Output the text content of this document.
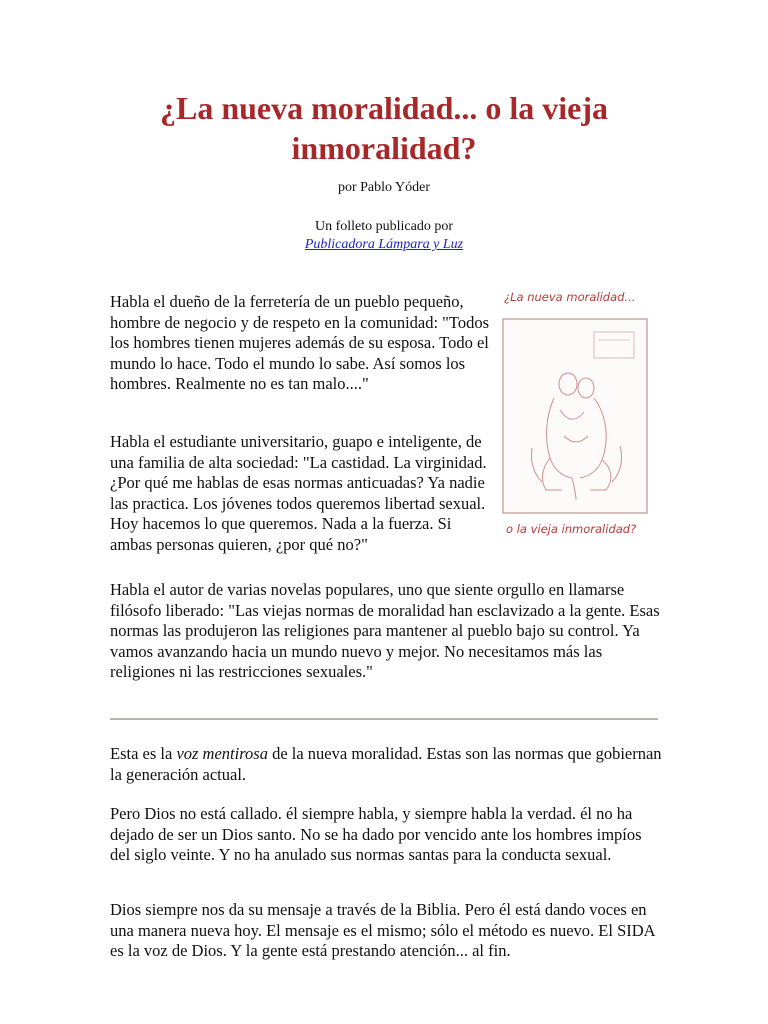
¿La nueva moralidad... o la vieja inmoralidad?

por Pablo Yóder

Un folleto publicado por
Publicadora Lámpara y Luz

Habla el dueño de la ferretería de un pueblo pequeño, hombre de negocio y de respeto en la comunidad: "Todos los hombres tienen mujeres además de su esposa. Todo el mundo lo hace. Todo el mundo lo sabe. Así somos los hombres. Realmente no es tan malo...."

Habla el estudiante universitario, guapo e inteligente, de una familia de alta sociedad: "La castidad. La virginidad. ¿Por qué me hablas de esas normas anticuadas? Ya nadie las practica. Los jóvenes todos queremos libertad sexual. Hoy hacemos lo que queremos. Nada a la fuerza. Si ambas personas quieren, ¿por qué no?"

¿La nueva moralidad...
o la vieja inmoralidad?

Habla el autor de varias novelas populares, uno que siente orgullo en llamarse filósofo liberado: "Las viejas normas de moralidad han esclavizado a la gente. Esas normas las produjeron las religiones para mantener al pueblo bajo su control. Ya vamos avanzando hacia un mundo nuevo y mejor. No necesitamos más las religiones ni las restricciones sexuales."

Esta es la voz mentirosa de la nueva moralidad. Estas son las normas que gobiernan la generación actual.

Pero Dios no está callado. él siempre habla, y siempre habla la verdad. él no ha dejado de ser un Dios santo. No se ha dado por vencido ante los hombres impíos del siglo veinte. Y no ha anulado sus normas santas para la conducta sexual.

Dios siempre nos da su mensaje a través de la Biblia. Pero él está dando voces en una manera nueva hoy. El mensaje es el mismo; sólo el método es nuevo. El SIDA es la voz de Dios. Y la gente está prestando atención... al fin.
